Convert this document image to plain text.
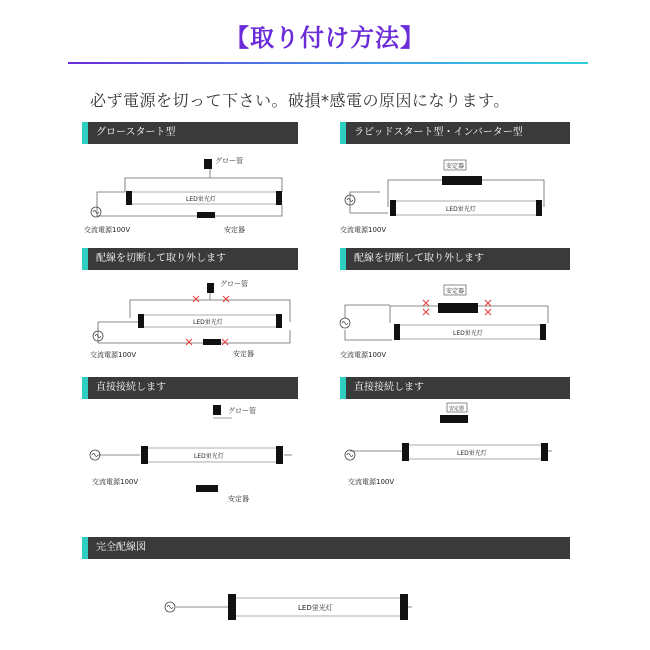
【取り付け方法】
必ず電源を切って下さい。破損*感電の原因になります。
グロースタート型	ラピッドスタート型・インバーター型
配線を切断して取り外します	配線を切断して取り外します
直接接続します	直接接続します
完全配線図
グロー管
LED蛍光灯
安定器
交流電源100V
安定器
LED蛍光灯
交流電源100V
グロー管
LED蛍光灯
安定器
交流電源100V
安定器
LED蛍光灯
交流電源100V
グロー管
LED蛍光灯
安定器
交流電源100V
安定器
LED蛍光灯
交流電源100V
LED蛍光灯
